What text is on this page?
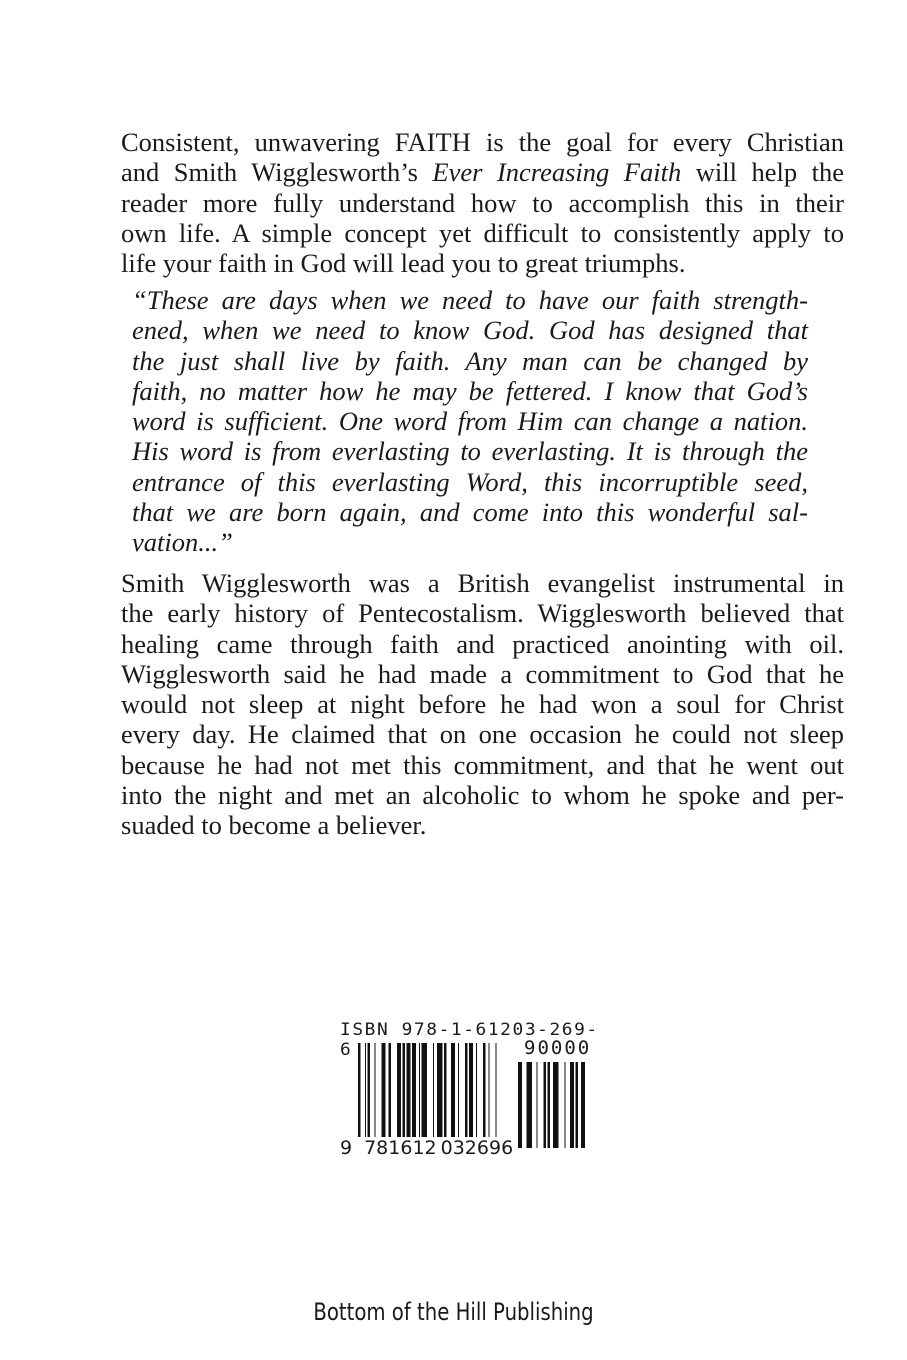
Consistent, unwavering FAITH is the goal for every Christian
and Smith Wigglesworth’s Ever Increasing Faith will help the
reader more fully understand how to accomplish this in their
own life. A simple concept yet difficult to consistently apply to
life your faith in God will lead you to great triumphs.
“These are days when we need to have our faith strength-
ened, when we need to know God. God has designed that
the just shall live by faith. Any man can be changed by
faith, no matter how he may be fettered. I know that God’s
word is sufficient. One word from Him can change a nation.
His word is from everlasting to everlasting. It is through the
entrance of this everlasting Word, this incorruptible seed,
that we are born again, and come into this wonderful sal-
vation...”
Smith Wigglesworth was a British evangelist instrumental in
the early history of Pentecostalism. Wigglesworth believed that
healing came through faith and practiced anointing with oil.
Wigglesworth said he had made a commitment to God that he
would not sleep at night before he had won a soul for Christ
every day. He claimed that on one occasion he could not sleep
because he had not met this commitment, and that he went out
into the night and met an alcoholic to whom he spoke and per-
suaded to become a believer.
ISBN 978-1-61203-269-6	90000
9 781612 032696
Bottom of the Hill Publishing
